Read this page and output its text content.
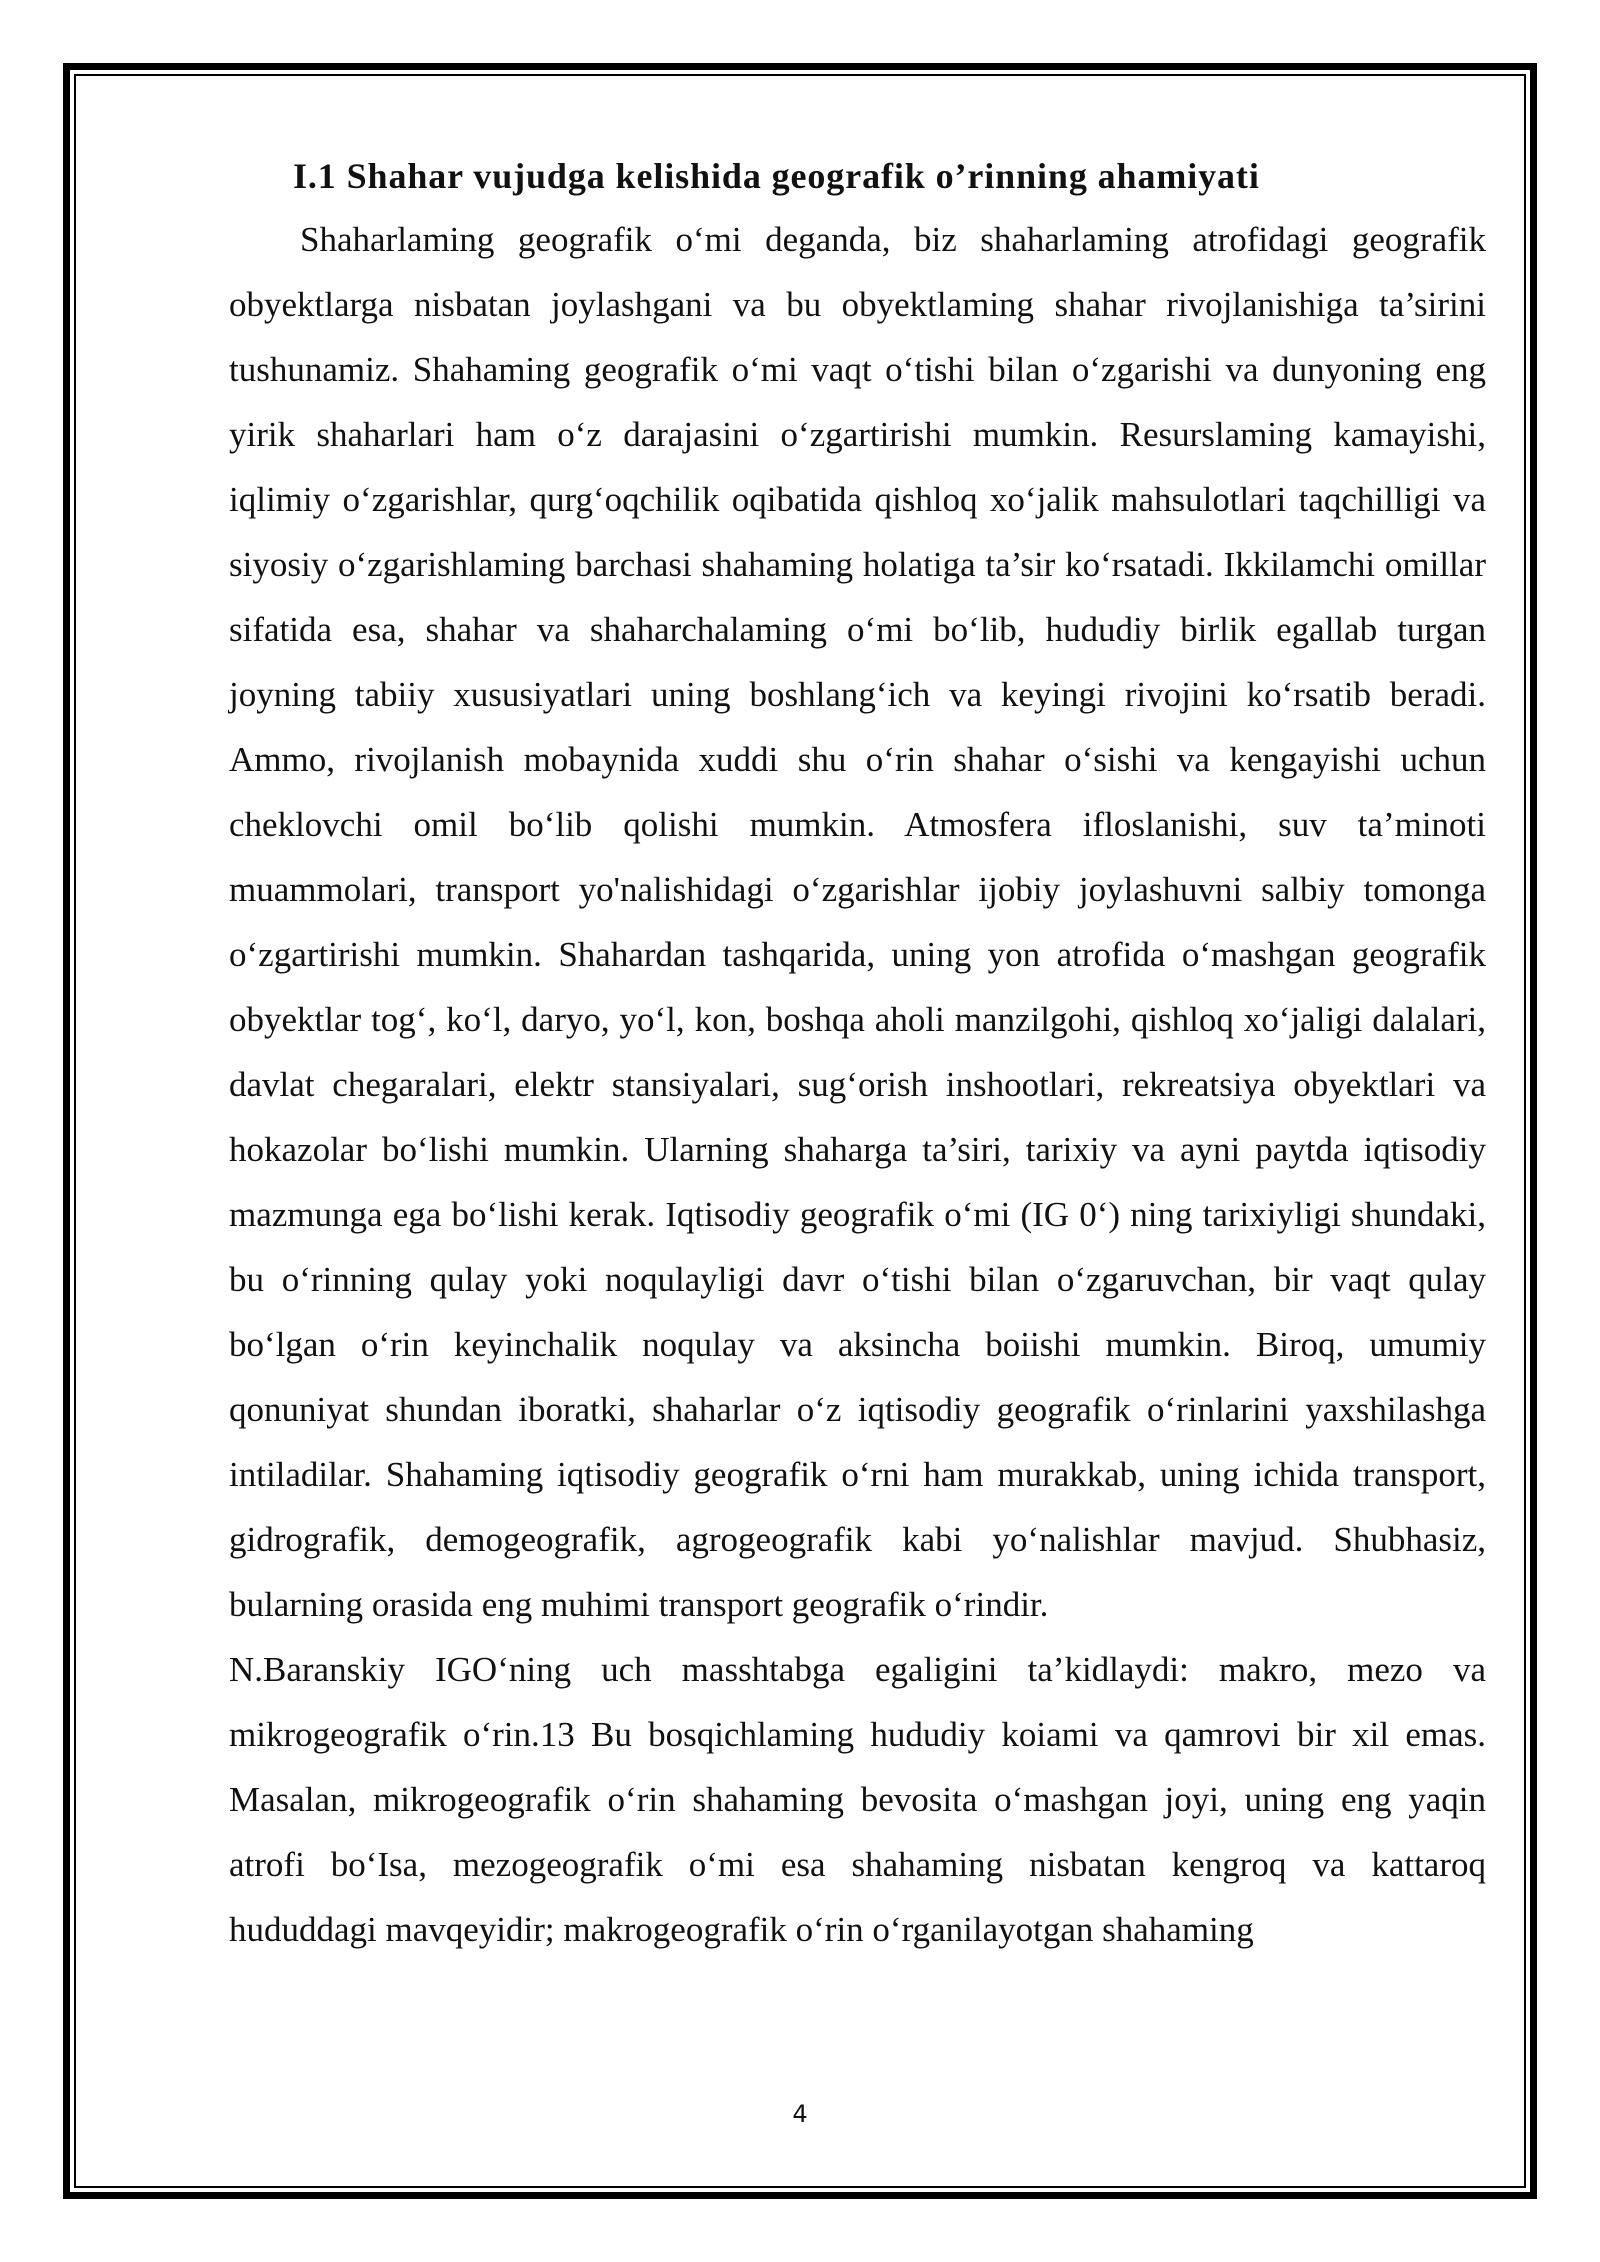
I.1 Shahar vujudga kelishida geografik o’rinning ahamiyati

Shaharlaming geografik o‘mi deganda, biz shaharlaming atrofidagi geografik obyektlarga nisbatan joylashgani va bu obyektlaming shahar rivojlanishiga ta’sirini tushunamiz. Shahaming geografik o‘mi vaqt o‘tishi bilan o‘zgarishi va dunyoning eng yirik shaharlari ham o‘z darajasini o‘zgartirishi mumkin. Resurslaming kamayishi, iqlimiy o‘zgarishlar, qurg‘oqchilik oqibatida qishloq xo‘jalik mahsulotlari taqchilligi va siyosiy o‘zgarishlaming barchasi shahaming holatiga ta’sir ko‘rsatadi. Ikkilamchi omillar sifatida esa, shahar va shaharchalaming o‘mi bo‘lib, hududiy birlik egallab turgan joyning tabiiy xususiyatlari uning boshlang‘ich va keyingi rivojini ko‘rsatib beradi. Ammo, rivojlanish mobaynida xuddi shu o‘rin shahar o‘sishi va kengayishi uchun cheklovchi omil bo‘lib qolishi mumkin. Atmosfera ifloslanishi, suv ta’minoti muammolari, transport yo'nalishidagi o‘zgarishlar ijobiy joylashuvni salbiy tomonga o‘zgartirishi mumkin. Shahardan tashqarida, uning yon atrofida o‘mashgan geografik obyektlar tog‘, ko‘l, daryo, yo‘l, kon, boshqa aholi manzilgohi, qishloq xo‘jaligi dalalari, davlat chegaralari, elektr stansiyalari, sug‘orish inshootlari, rekreatsiya obyektlari va hokazolar bo‘lishi mumkin. Ularning shaharga ta’siri, tarixiy va ayni paytda iqtisodiy mazmunga ega bo‘lishi kerak. Iqtisodiy geografik o‘mi (IG 0‘) ning tarixiyligi shundaki, bu o‘rinning qulay yoki noqulayligi davr o‘tishi bilan o‘zgaruvchan, bir vaqt qulay bo‘lgan o‘rin keyinchalik noqulay va aksincha boiishi mumkin. Biroq, umumiy qonuniyat shundan iboratki, shaharlar o‘z iqtisodiy geografik o‘rinlarini yaxshilashga intiladilar. Shahaming iqtisodiy geografik o‘rni ham murakkab, uning ichida transport, gidrografik, demogeografik, agrogeografik kabi yo‘nalishlar mavjud. Shubhasiz, bularning orasida eng muhimi transport geografik o‘rindir.

N.Baranskiy IGO‘ning uch masshtabga egaligini ta’kidlaydi: makro, mezo va mikrogeografik o‘rin.13 Bu bosqichlaming hududiy koiami va qamrovi bir xil emas. Masalan, mikrogeografik o‘rin shahaming bevosita o‘mashgan joyi, uning eng yaqin atrofi bo‘Isa, mezogeografik o‘mi esa shahaming nisbatan kengroq va kattaroq hududdagi mavqeyidir; makrogeografik o‘rin o‘rganilayotgan shahaming

4
